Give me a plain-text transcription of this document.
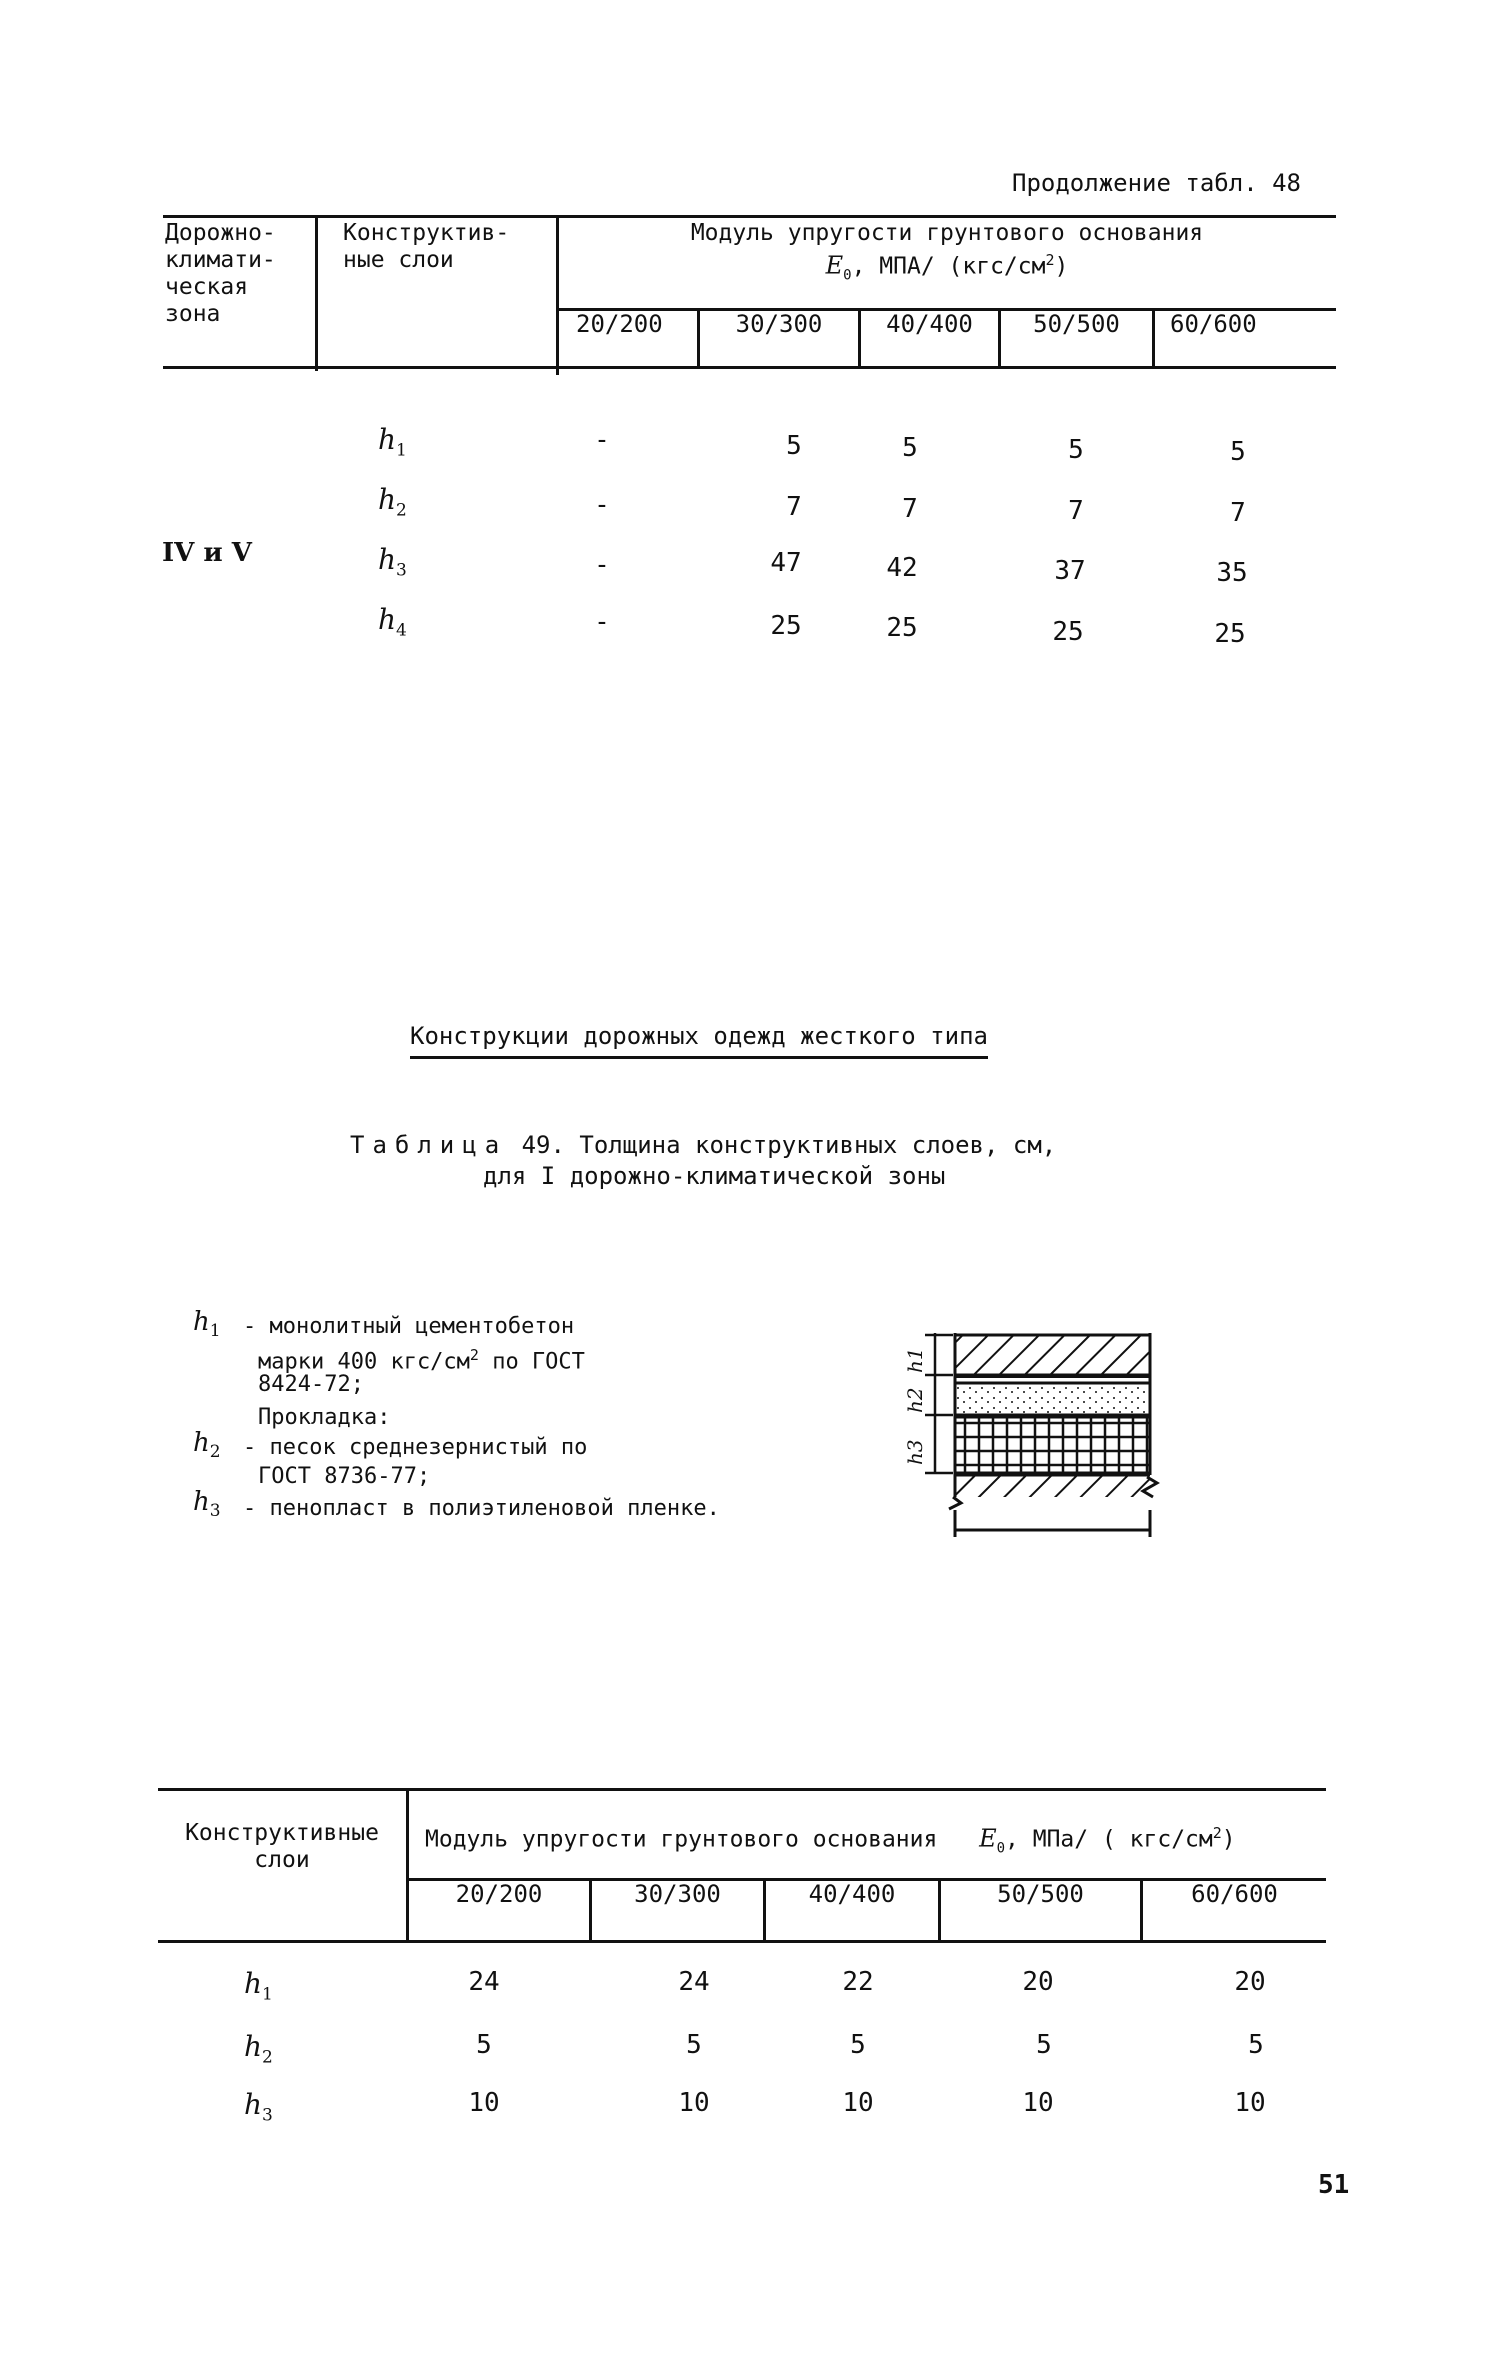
Продолжение табл. 48
Дорожно-
климати-
ческая
зона
Конструктив-
ные слои
Модуль упругости грунтового основания
$E_0$, МПА/ $(кгс/см^2)$
20/200	30/300	40/400	50/500	60/600
IV и V
$h_1$	-	5	5	5	5
$h_2$	-	7	7	7	7
$h_3$	-	47	42	37	35
$h_4$	-	25	25	25	25
Конструкции дорожных одежд жесткого типа
Таблица 49. Толщина конструктивных слоев, см,
для I дорожно-климатической зоны
$h_1$ - монолитный цементобетон
марки 400 кгс/$см^2$ по ГОСТ
8424-72;
Прокладка:
$h_2$ - песок среднезернистый по
ГОСТ 8736-77;
$h_3$ - пенопласт в полиэтиленовой пленке.
h1
h2
h3
Конструктивные
слои
Модуль упругости грунтового основания $E_0$, МПа/ ( кгс/$см^2$)
20/200	30/300	40/400	50/500	60/600
$h_1$	24	24	22	20	20
$h_2$	5	5	5	5	5
$h_3$	10	10	10	10	10
51
